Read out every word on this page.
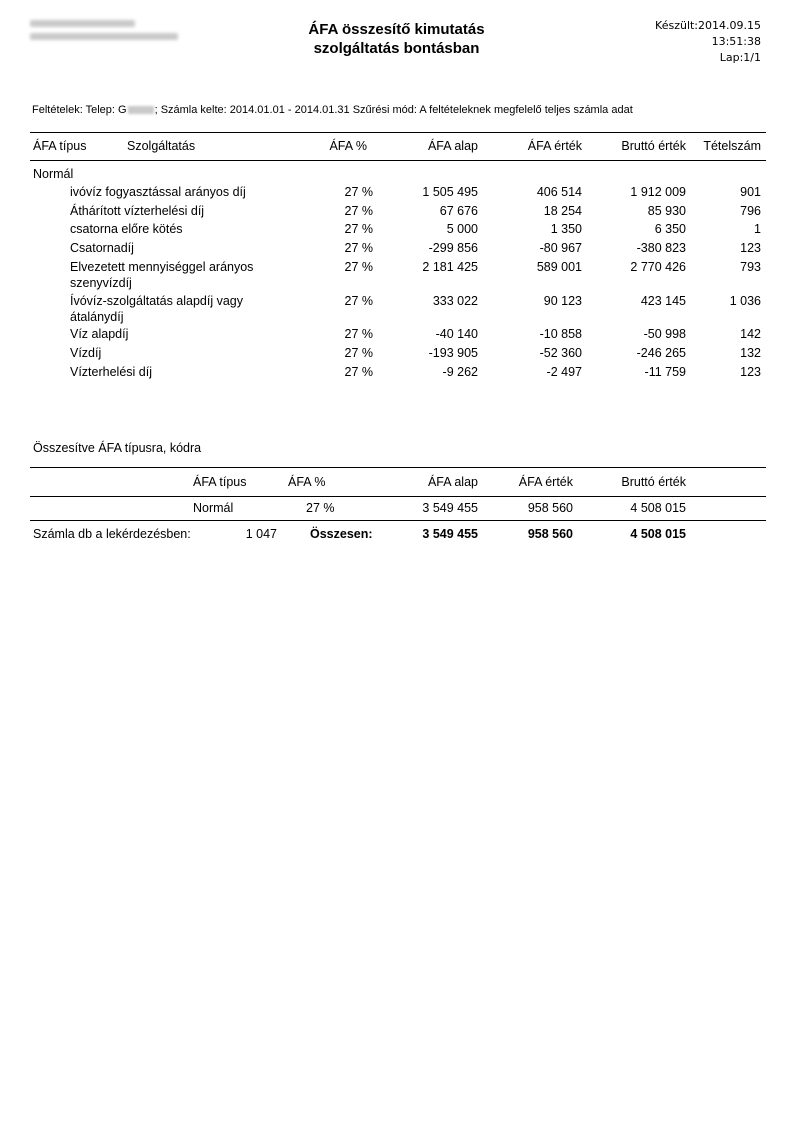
ÁFA összesítő kimutatás
szolgáltatás bontásban
Készült:2014.09.15
13:51:38
Lap:1/1
Feltételek: Telep: G	; Számla kelte: 2014.01.01 - 2014.01.31 Szűrési mód: A feltételeknek megfelelő teljes számla adat
ÁFA típus	Szolgáltatás	ÁFA %	ÁFA alap	ÁFA érték	Bruttó érték	Tételszám
Normál
ivóvíz fogyasztással arányos díj	27 %	1 505 495	406 514	1 912 009	901
Áthárított vízterhelési díj	27 %	67 676	18 254	85 930	796
csatorna előre kötés	27 %	5 000	1 350	6 350	1
Csatornadíj	27 %	-299 856	-80 967	-380 823	123
Elvezetett mennyiséggel arányos szenyvízdíj
27 %	2 181 425	589 001	2 770 426	793
Ívóvíz-szolgáltatás alapdíj vagy átalánydíj
27 %	333 022	90 123	423 145	1 036
Víz alapdíj	27 %	-40 140	-10 858	-50 998	142
Vízdíj	27 %	-193 905	-52 360	-246 265	132
Vízterhelési díj	27 %	-9 262	-2 497	-11 759	123
Összesítve ÁFA típusra, kódra
ÁFA típus	ÁFA %	ÁFA alap	ÁFA érték	Bruttó érték
Normál	27 %	3 549 455	958 560	4 508 015
Számla db a lekérdezésben:	1 047	Összesen:	3 549 455	958 560	4 508 015
